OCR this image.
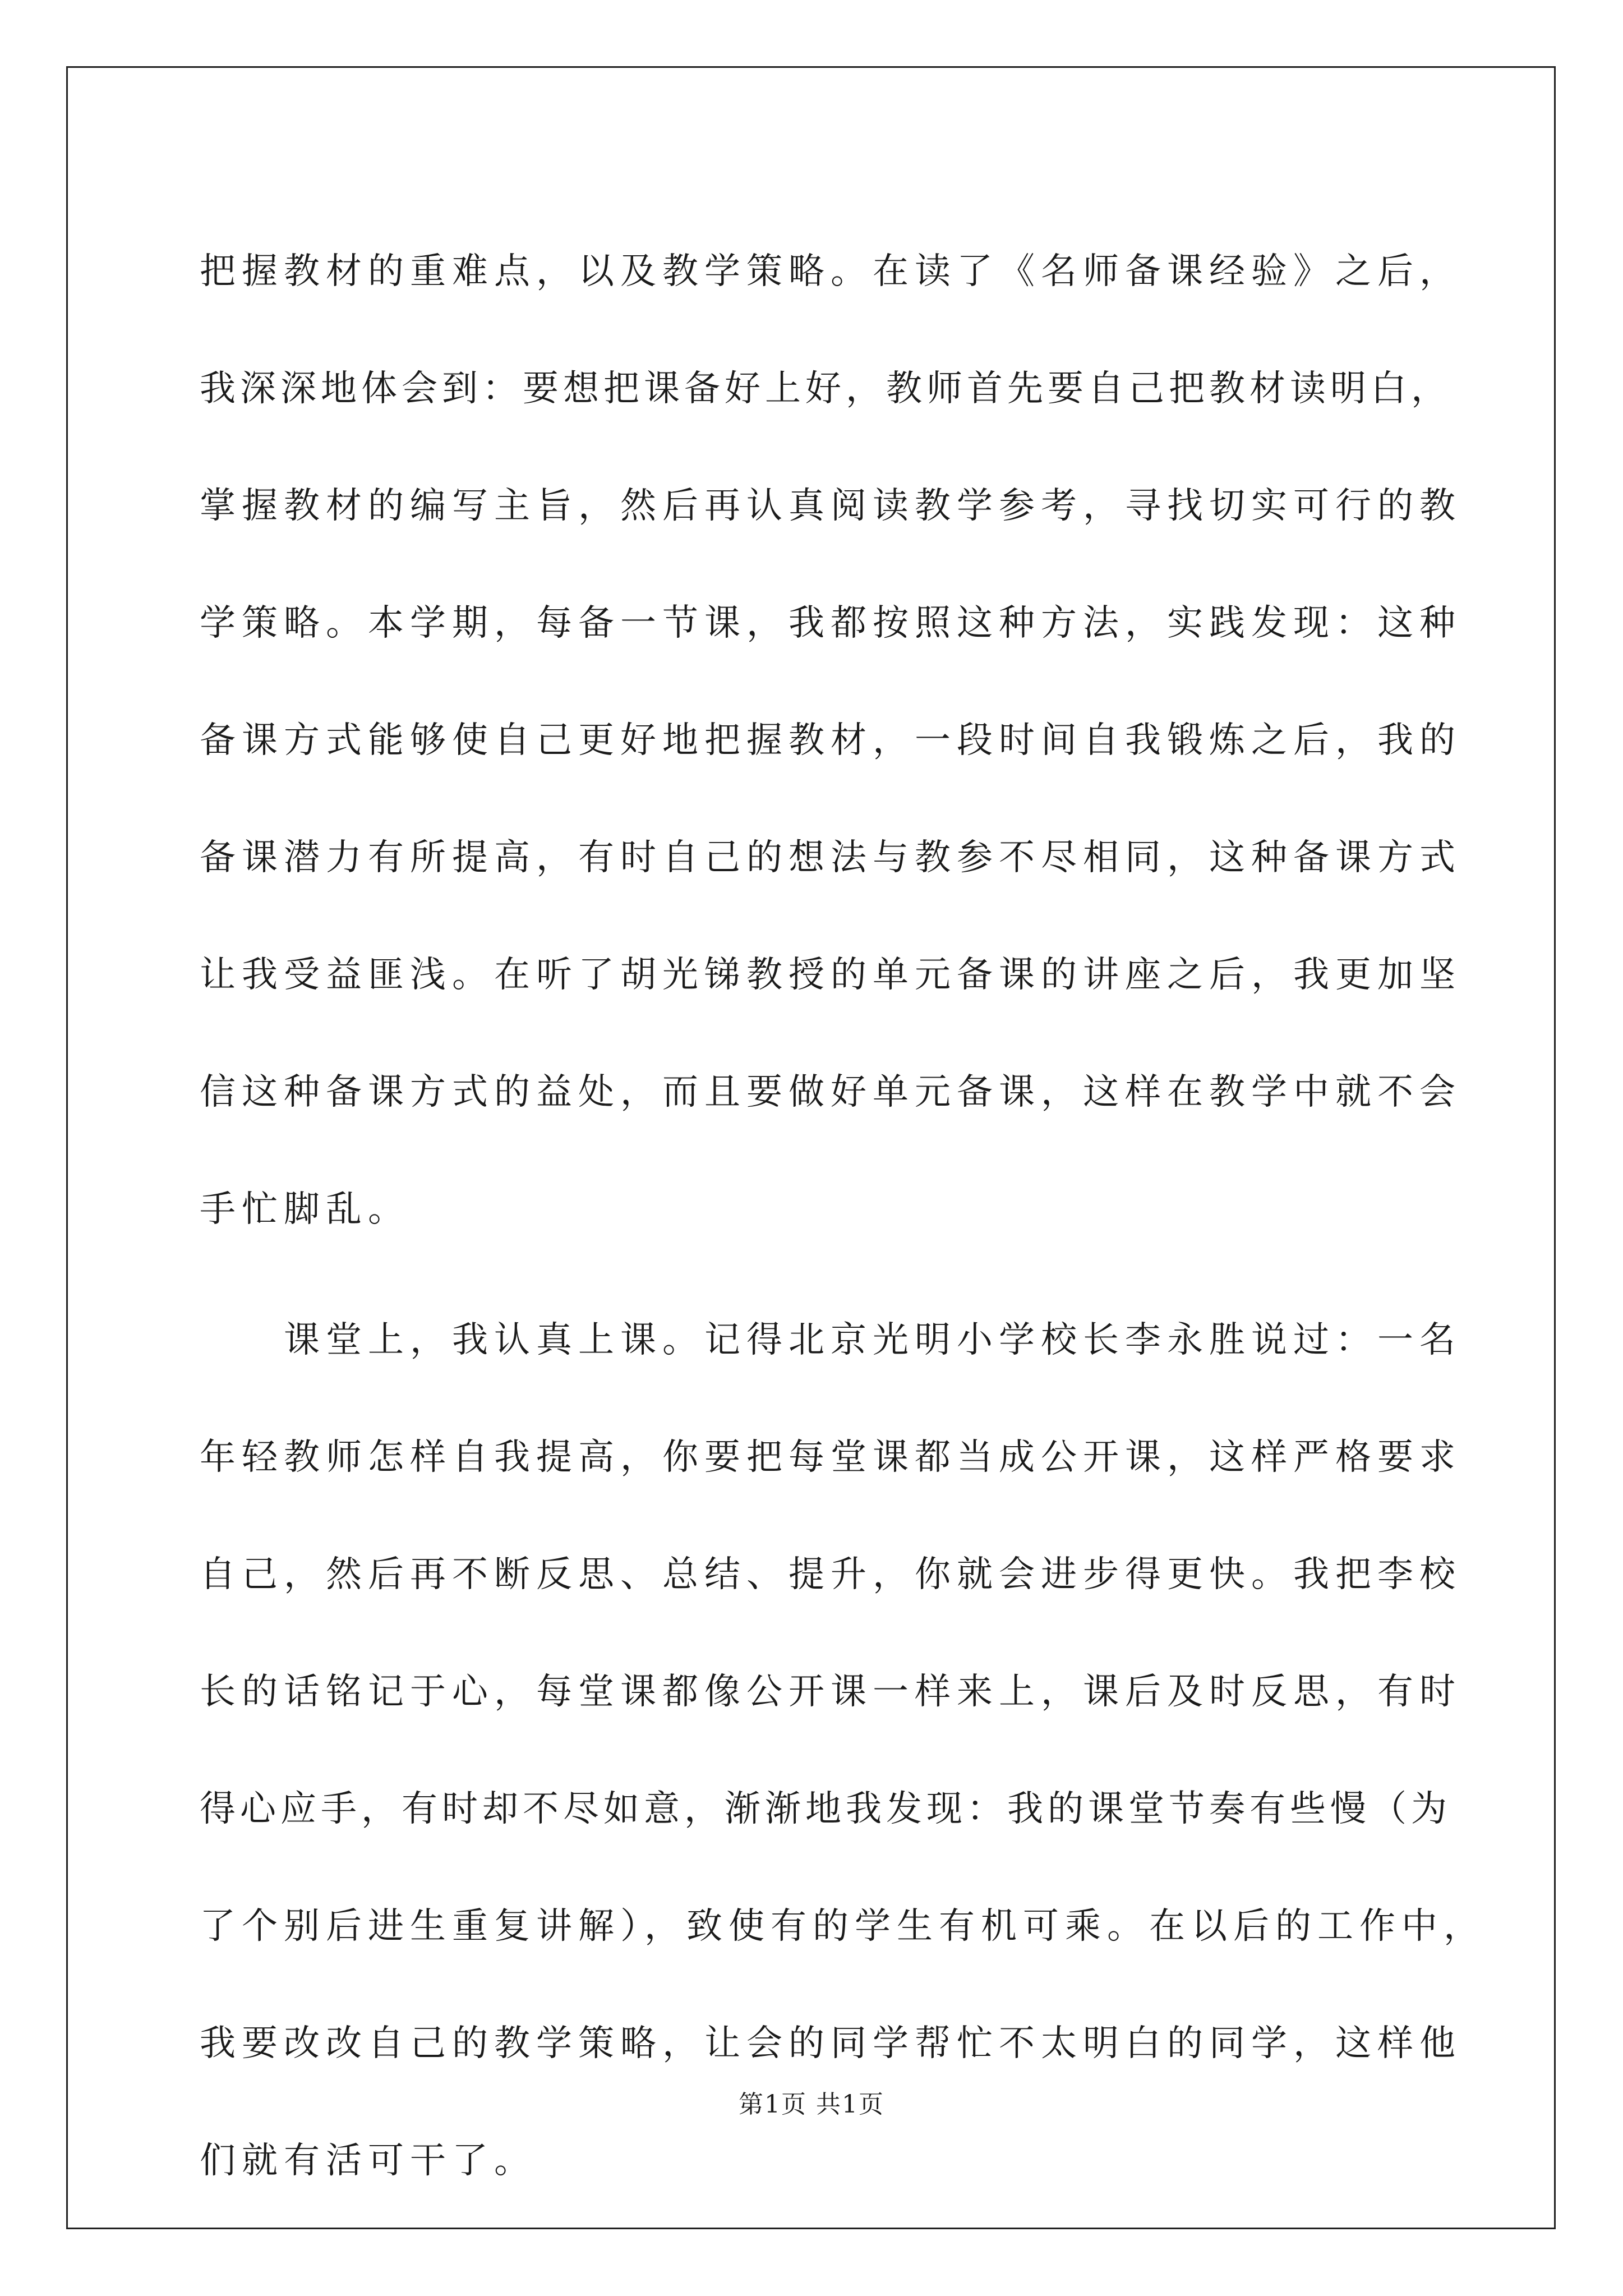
把握教材的重难点，以及教学策略。在读了《名师备课经验》之后，
我深深地体会到：要想把课备好上好，教师首先要自己把教材读明白，
掌握教材的编写主旨，然后再认真阅读教学参考，寻找切实可行的教
学策略。本学期，每备一节课，我都按照这种方法，实践发现：这种
备课方式能够使自己更好地把握教材，一段时间自我锻炼之后，我的
备课潜力有所提高，有时自己的想法与教参不尽相同，这种备课方式
让我受益匪浅。在听了胡光锑教授的单元备课的讲座之后，我更加坚
信这种备课方式的益处，而且要做好单元备课，这样在教学中就不会
手忙脚乱。
课堂上，我认真上课。记得北京光明小学校长李永胜说过：一名
年轻教师怎样自我提高，你要把每堂课都当成公开课，这样严格要求
自己，然后再不断反思、总结、提升，你就会进步得更快。我把李校
长的话铭记于心，每堂课都像公开课一样来上，课后及时反思，有时
得心应手，有时却不尽如意，渐渐地我发现：我的课堂节奏有些慢（为
了个别后进生重复讲解），致使有的学生有机可乘。在以后的工作中，
我要改改自己的教学策略，让会的同学帮忙不太明白的同学，这样他
们就有活可干了。
第1页 共1页
